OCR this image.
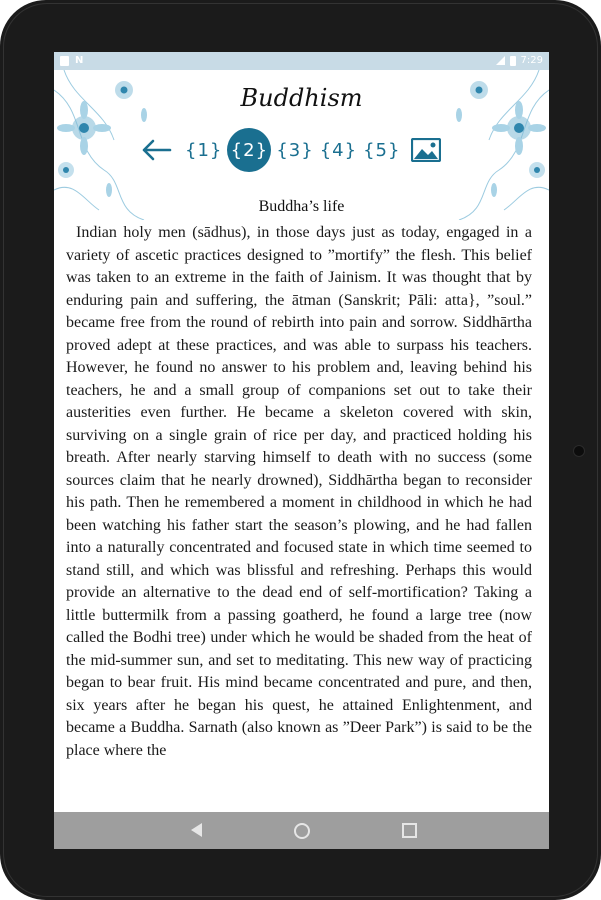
N	7:29
Buddhism
{1} {2} {3} {4} {5}
Buddha’s life
Indian holy men (sādhus), in those days just as today, engaged in a variety of ascetic practices designed to ”mortify” the flesh. This belief was taken to an extreme in the faith of Jainism. It was thought that by enduring pain and suffering, the ātman (Sanskrit; Pāli: atta}, ”soul.” became free from the round of rebirth into pain and sorrow. Siddhārtha proved adept at these practices, and was able to surpass his teachers. However, he found no answer to his problem and, leaving behind his teachers, he and a small group of companions set out to take their austerities even further. He became a skeleton covered with skin, surviving on a single grain of rice per day, and practiced holding his breath. After nearly starving himself to death with no success (some sources claim that he nearly drowned), Siddhārtha began to reconsider his path. Then he remembered a moment in childhood in which he had been watching his father start the season’s plowing, and he had fallen into a naturally concentrated and focused state in which time seemed to stand still, and which was blissful and refreshing. Perhaps this would provide an alternative to the dead end of self-mortification? Taking a little buttermilk from a passing goatherd, he found a large tree (now called the Bodhi tree) under which he would be shaded from the heat of the mid-summer sun, and set to meditating. This new way of practicing began to bear fruit. His mind became concentrated and pure, and then, six years after he began his quest, he attained Enlightenment, and became a Buddha. Sarnath (also known as ”Deer Park”) is said to be the place where the
